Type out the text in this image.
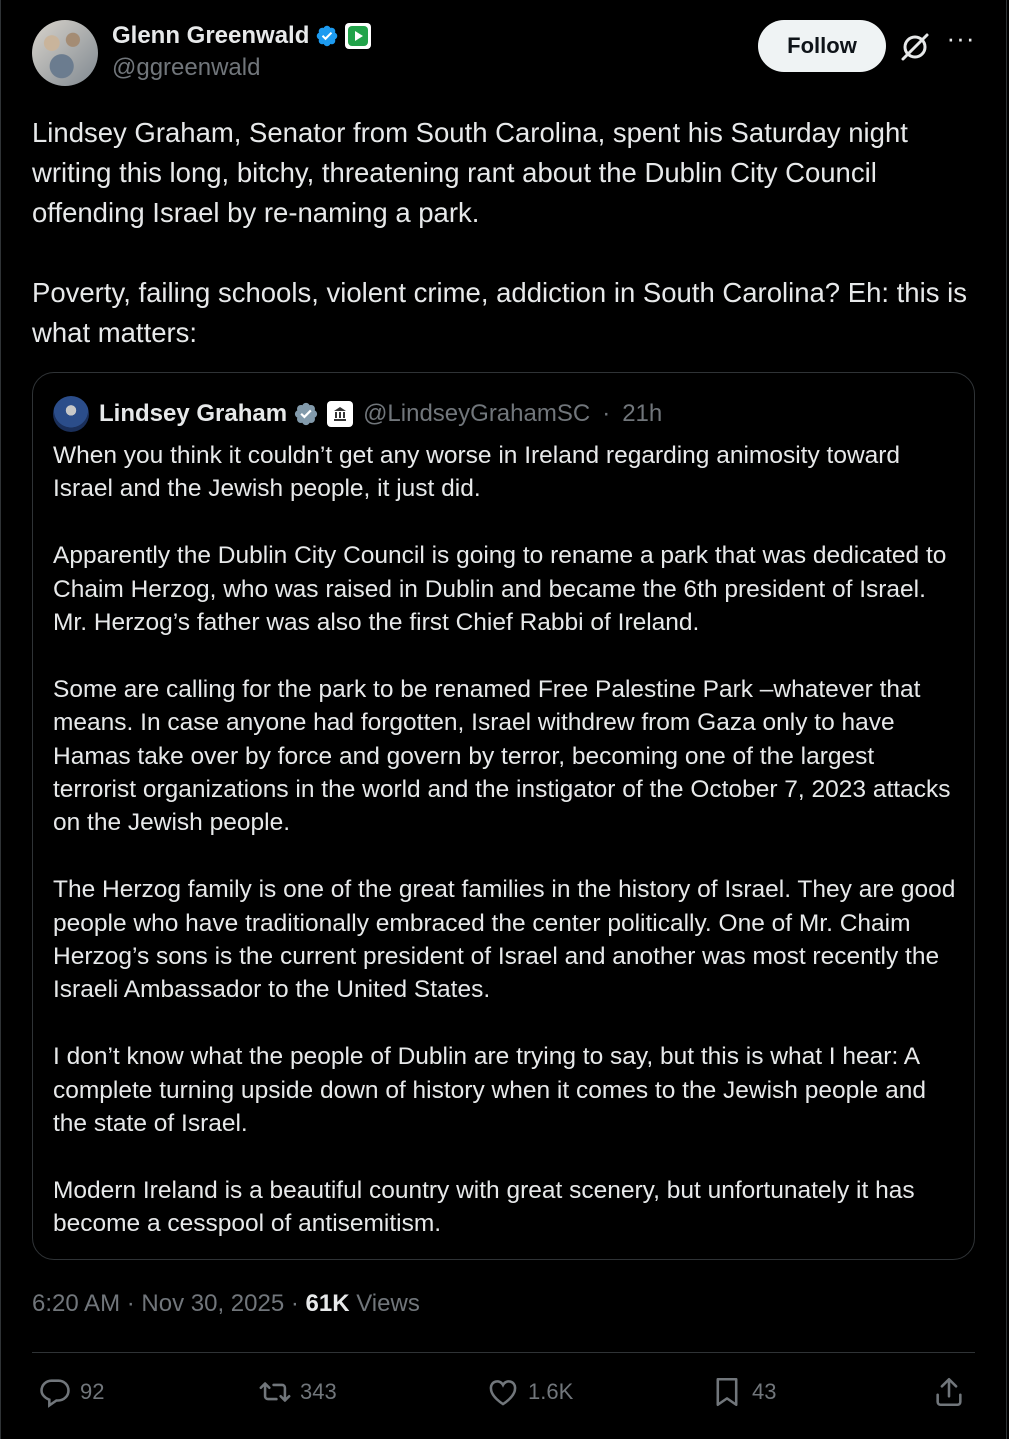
Glenn Greenwald
@ggreenwald
Follow	···

Lindsey Graham, Senator from South Carolina, spent his Saturday night writing this long, bitchy, threatening rant about the Dublin City Council offending Israel by re-naming a park.

Poverty, failing schools, violent crime, addiction in South Carolina? Eh: this is what matters:

Lindsey Graham	@LindseyGrahamSC · 21h

When you think it couldn’t get any worse in Ireland regarding animosity toward Israel and the Jewish people, it just did.

Apparently the Dublin City Council is going to rename a park that was dedicated to Chaim Herzog, who was raised in Dublin and became the 6th president of Israel. Mr. Herzog’s father was also the first Chief Rabbi of Ireland.

Some are calling for the park to be renamed Free Palestine Park –whatever that means. In case anyone had forgotten, Israel withdrew from Gaza only to have Hamas take over by force and govern by terror, becoming one of the largest terrorist organizations in the world and the instigator of the October 7, 2023 attacks on the Jewish people.

The Herzog family is one of the great families in the history of Israel. They are good people who have traditionally embraced the center politically. One of Mr. Chaim Herzog’s sons is the current president of Israel and another was most recently the Israeli Ambassador to the United States.

I don’t know what the people of Dublin are trying to say, but this is what I hear: A complete turning upside down of history when it comes to the Jewish people and the state of Israel.

Modern Ireland is a beautiful country with great scenery, but unfortunately it has become a cesspool of antisemitism.

6:20 AM · Nov 30, 2025 · 61K Views
92	343	1.6K	43
